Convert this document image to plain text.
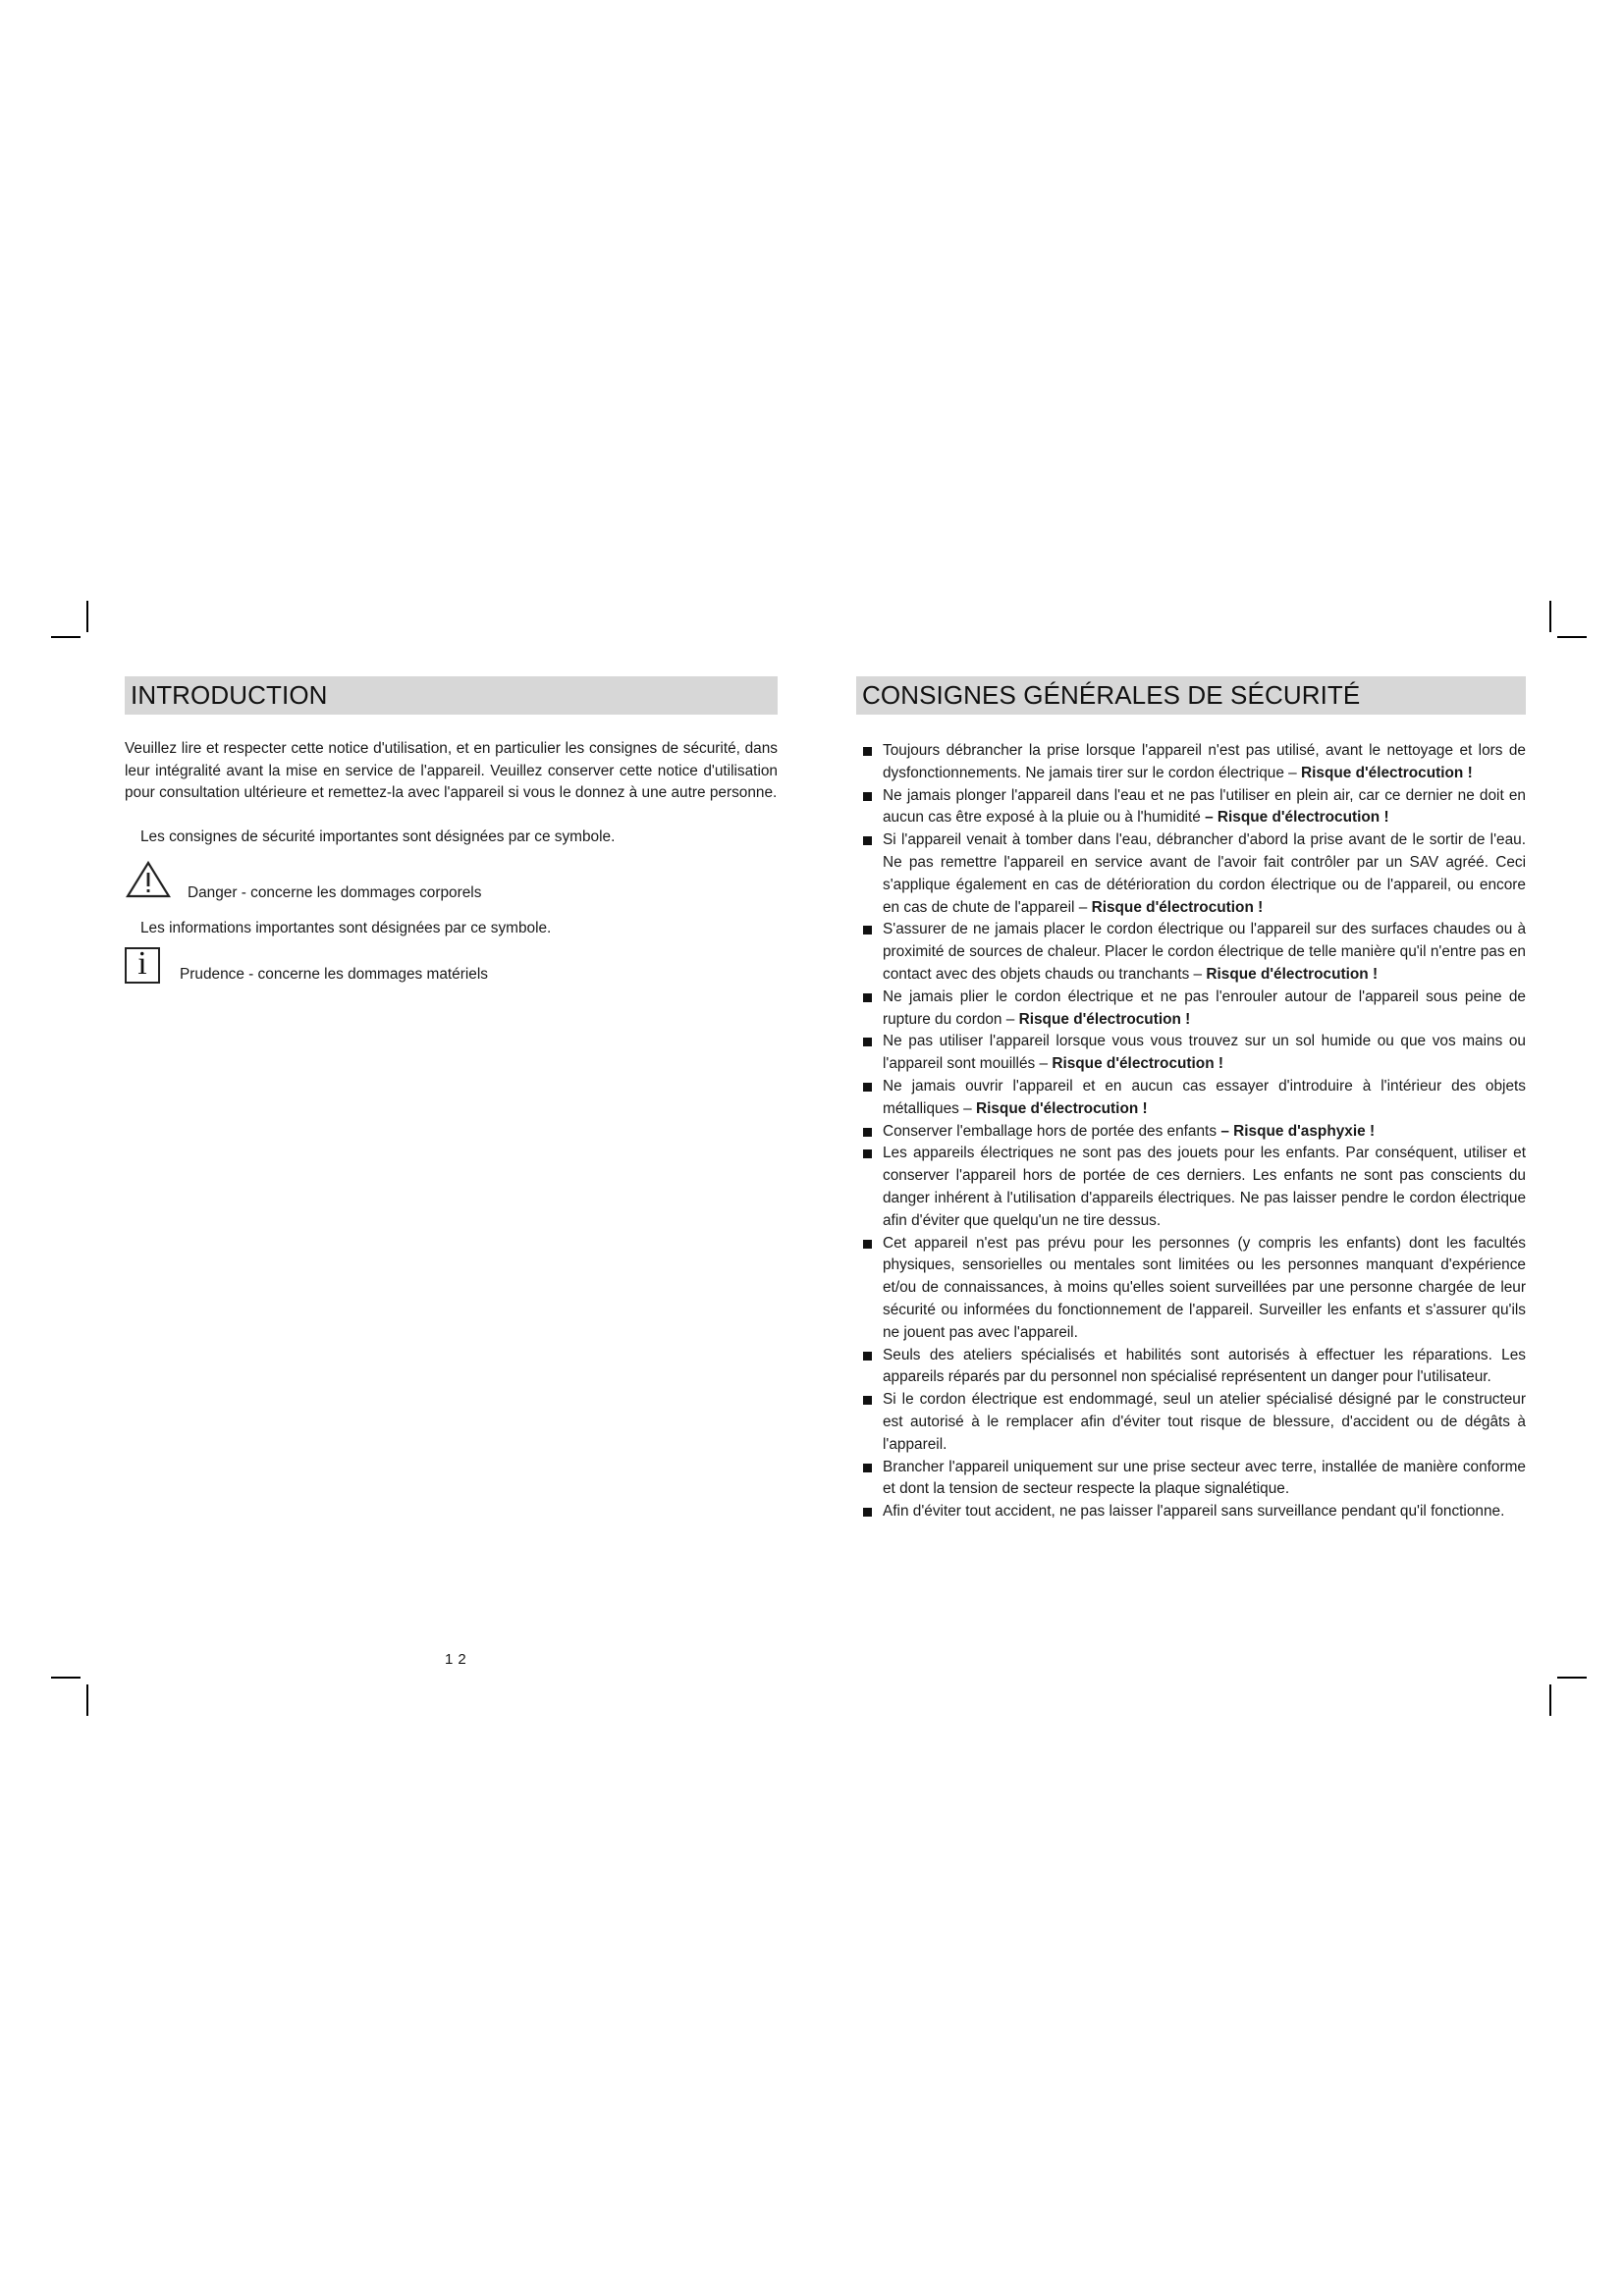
INTRODUCTION

Veuillez lire et respecter cette notice d'utilisation, et en particulier les consignes de sécurité, dans leur intégralité avant la mise en service de l'appareil. Veuillez conserver cette notice d'utilisation pour consultation ultérieure et remettez-la avec l'appareil si vous le donnez à une autre personne.

Les consignes de sécurité importantes sont désignées par ce symbole.
Danger - concerne les dommages corporels
Les informations importantes sont désignées par ce symbole.
i	Prudence - concerne les dommages matériels
12
CONSIGNES GÉNÉRALES DE SÉCURITÉ
Toujours débrancher la prise lorsque l'appareil n'est pas utilisé, avant le nettoyage et lors de dysfonctionnements. Ne jamais tirer sur le cordon électrique – Risque d'électrocution !
Ne jamais plonger l'appareil dans l'eau et ne pas l'utiliser en plein air, car ce dernier ne doit en aucun cas être exposé à la pluie ou à l'humidité – Risque d'électrocution !
Si l'appareil venait à tomber dans l'eau, débrancher d'abord la prise avant de le sortir de l'eau. Ne pas remettre l'appareil en service avant de l'avoir fait contrôler par un SAV agréé. Ceci s'applique également en cas de détérioration du cordon électrique ou de l'appareil, ou encore en cas de chute de l'appareil – Risque d'électrocution !
S'assurer de ne jamais placer le cordon électrique ou l'appareil sur des surfaces chaudes ou à proximité de sources de chaleur. Placer le cordon électrique de telle manière qu'il n'entre pas en contact avec des objets chauds ou tranchants – Risque d'électrocution !
Ne jamais plier le cordon électrique et ne pas l'enrouler autour de l'appareil sous peine de rupture du cordon – Risque d'électrocution !
Ne pas utiliser l'appareil lorsque vous vous trouvez sur un sol humide ou que vos mains ou l'appareil sont mouillés – Risque d'électrocution !
Ne jamais ouvrir l'appareil et en aucun cas essayer d'introduire à l'intérieur des objets métalliques – Risque d'électrocution !
Conserver l'emballage hors de portée des enfants – Risque d'asphyxie !
Les appareils électriques ne sont pas des jouets pour les enfants. Par conséquent, utiliser et conserver l'appareil hors de portée de ces derniers. Les enfants ne sont pas conscients du danger inhérent à l'utilisation d'appareils électriques. Ne pas laisser pendre le cordon électrique afin d'éviter que quelqu'un ne tire dessus.
Cet appareil n'est pas prévu pour les personnes (y compris les enfants) dont les facultés physiques, sensorielles ou mentales sont limitées ou les personnes manquant d'expérience et/ou de connaissances, à moins qu'elles soient surveillées par une personne chargée de leur sécurité ou informées du fonctionnement de l'appareil. Surveiller les enfants et s'assurer qu'ils ne jouent pas avec l'appareil.
Seuls des ateliers spécialisés et habilités sont autorisés à effectuer les réparations. Les appareils réparés par du personnel non spécialisé représentent un danger pour l'utilisateur.
Si le cordon électrique est endommagé, seul un atelier spécialisé désigné par le constructeur est autorisé à le remplacer afin d'éviter tout risque de blessure, d'accident ou de dégâts à l'appareil.
Brancher l'appareil uniquement sur une prise secteur avec terre, installée de manière conforme et dont la tension de secteur respecte la plaque signalétique.
Afin d'éviter tout accident, ne pas laisser l'appareil sans surveillance pendant qu'il fonctionne.
